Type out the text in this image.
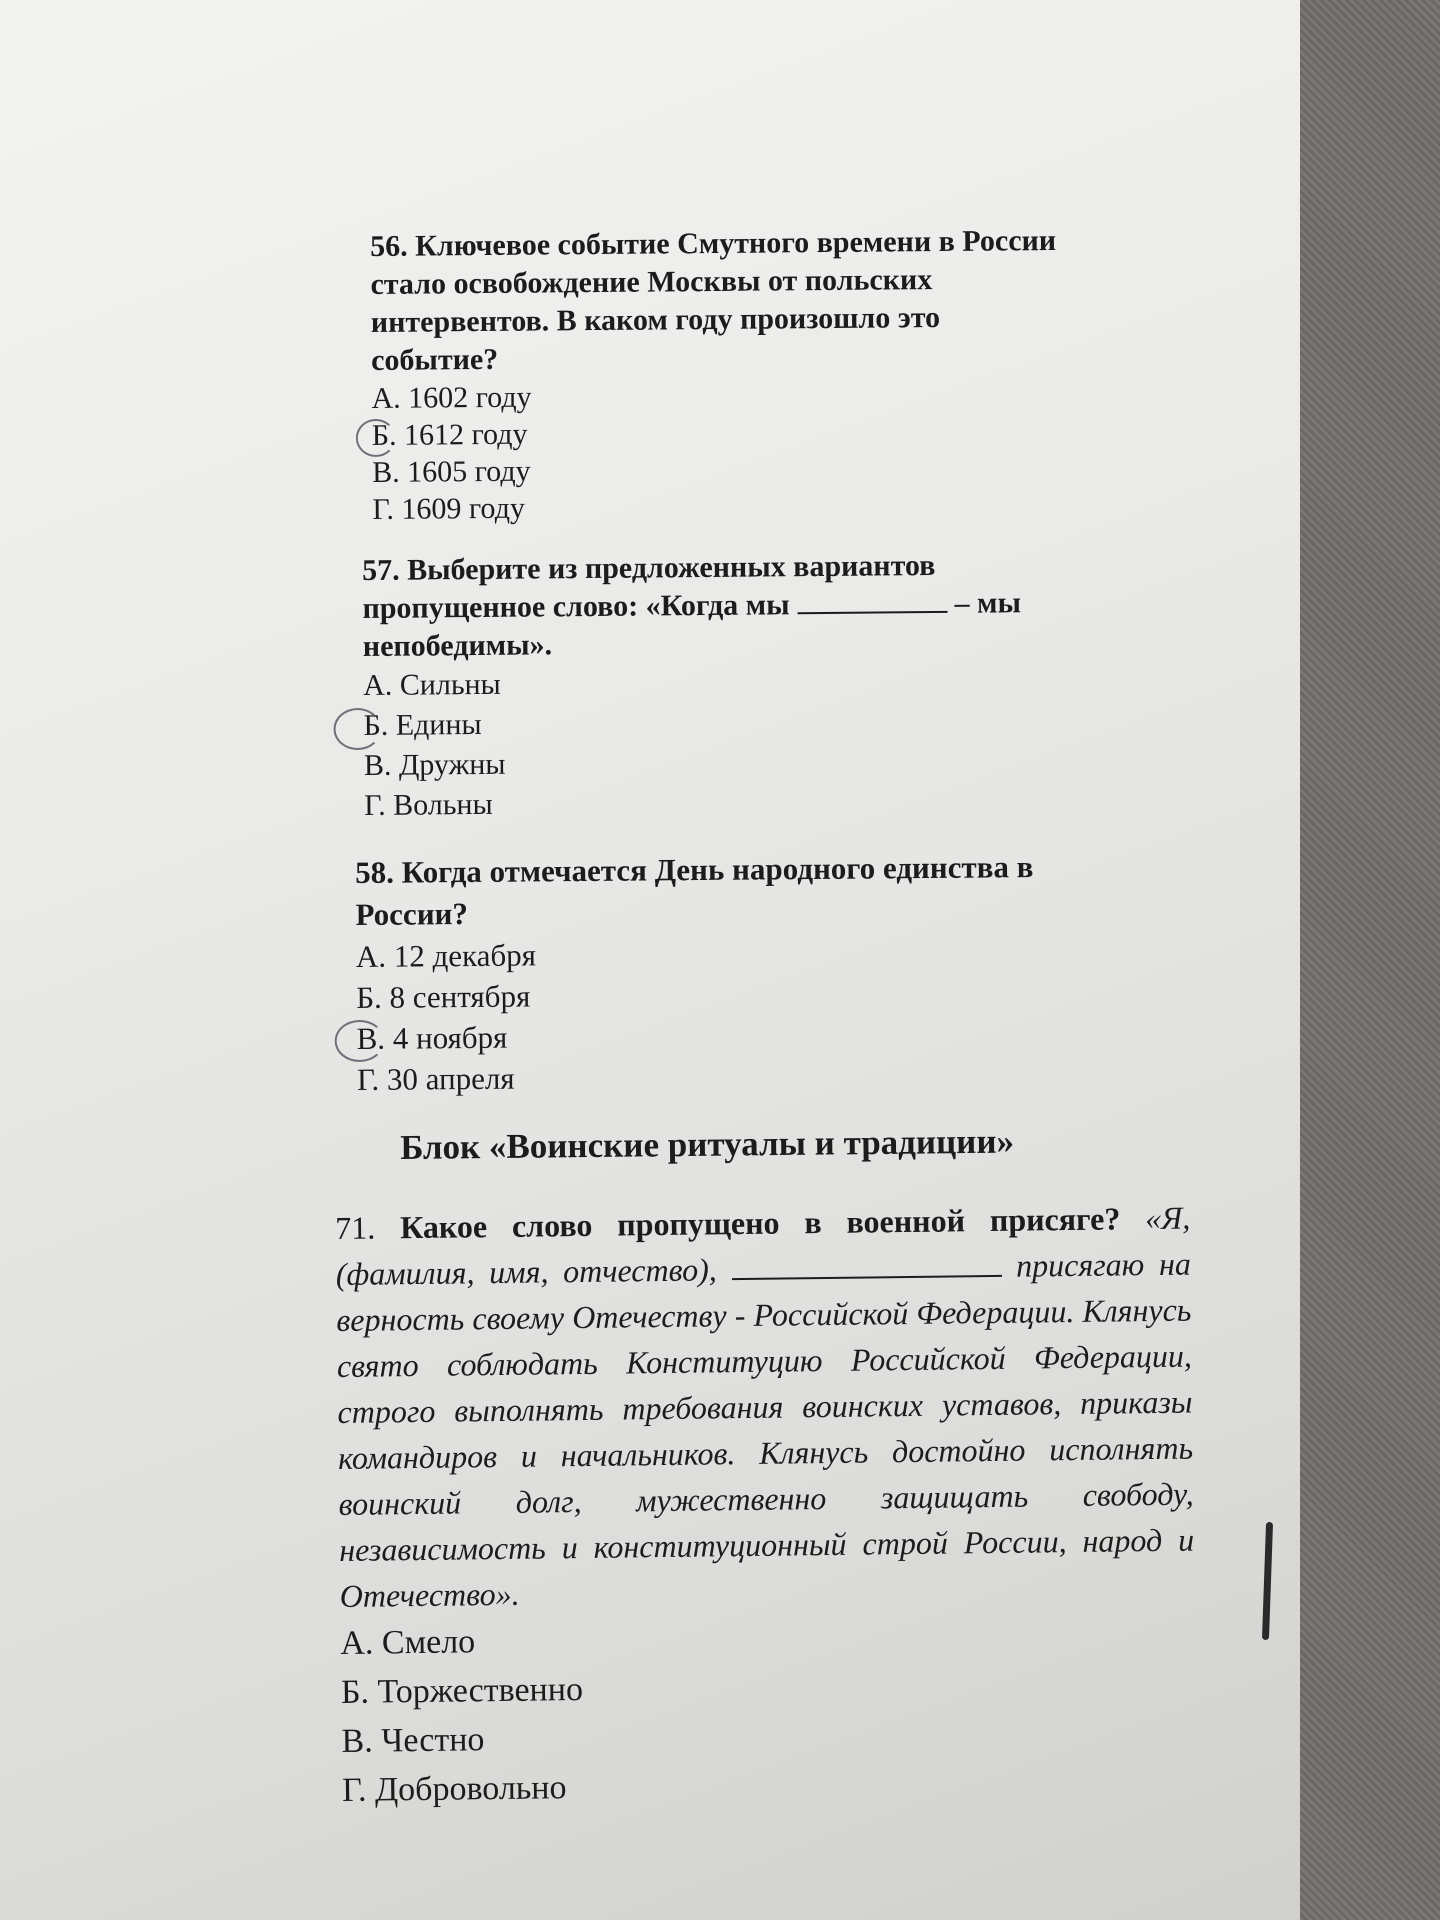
56. Ключевое событие Смутного времени в России
стало освобождение Москвы от польских
интервентов. В каком году произошло это
событие?

А. 1602 году

Б. 1612 году

В. 1605 году

Г. 1609 году

57. Выберите из предложенных вариантов
пропущенное слово: «Когда мы	– мы
непобедимы».

А. Сильны

Б. Едины

В. Дружны

Г. Вольны

58. Когда отмечается День народного единства в
России?

А. 12 декабря

Б. 8 сентября

В. 4 ноября

Г. 30 апреля

Блок «Воинские ритуалы и традиции»

71. Какое слово пропущено в военной присяге? «Я, (фамилия, имя, отчество),	присягаю на верность своему Отечеству - Российской Федерации. Клянусь свято соблюдать Конституцию Российской Федерации, строго выполнять требования воинских уставов, приказы командиров и начальников. Клянусь достойно исполнять воинский долг, мужественно защищать свободу, независимость и конституционный строй России, народ и Отечество».

А. Смело

Б. Торжественно

В. Честно

Г. Добровольно
